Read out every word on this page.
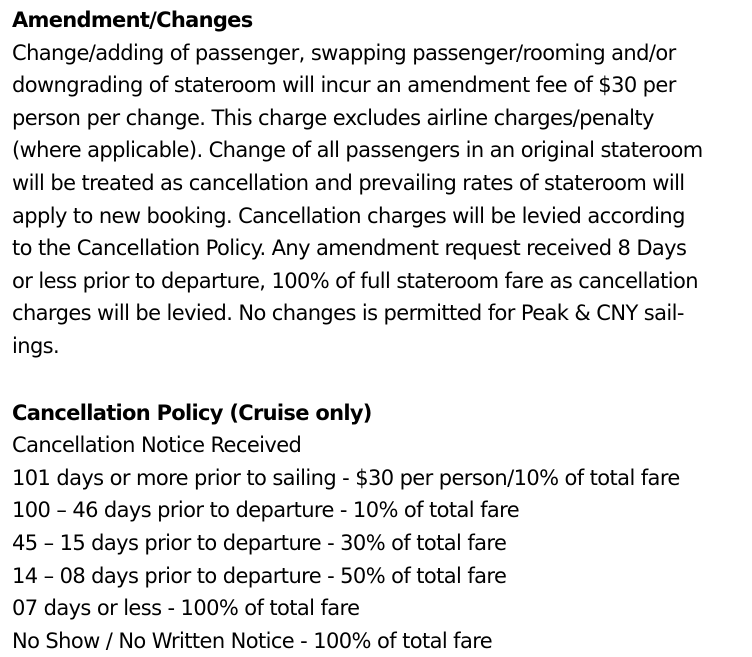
Amendment/Changes
Change/adding of passenger, swapping passenger/rooming and/or
downgrading of stateroom will incur an amendment fee of $30 per
person per change. This charge excludes airline charges/penalty
(where applicable). Change of all passengers in an original stateroom
will be treated as cancellation and prevailing rates of stateroom will
apply to new booking. Cancellation charges will be levied according
to the Cancellation Policy. Any amendment request received 8 Days
or less prior to departure, 100% of full stateroom fare as cancellation
charges will be levied. No changes is permitted for Peak & CNY sail-
ings.
Cancellation Policy (Cruise only)
Cancellation Notice Received
101 days or more prior to sailing - $30 per person/10% of total fare
100 – 46 days prior to departure - 10% of total fare
45 – 15 days prior to departure - 30% of total fare
14 – 08 days prior to departure - 50% of total fare
07 days or less - 100% of total fare
No Show / No Written Notice - 100% of total fare
